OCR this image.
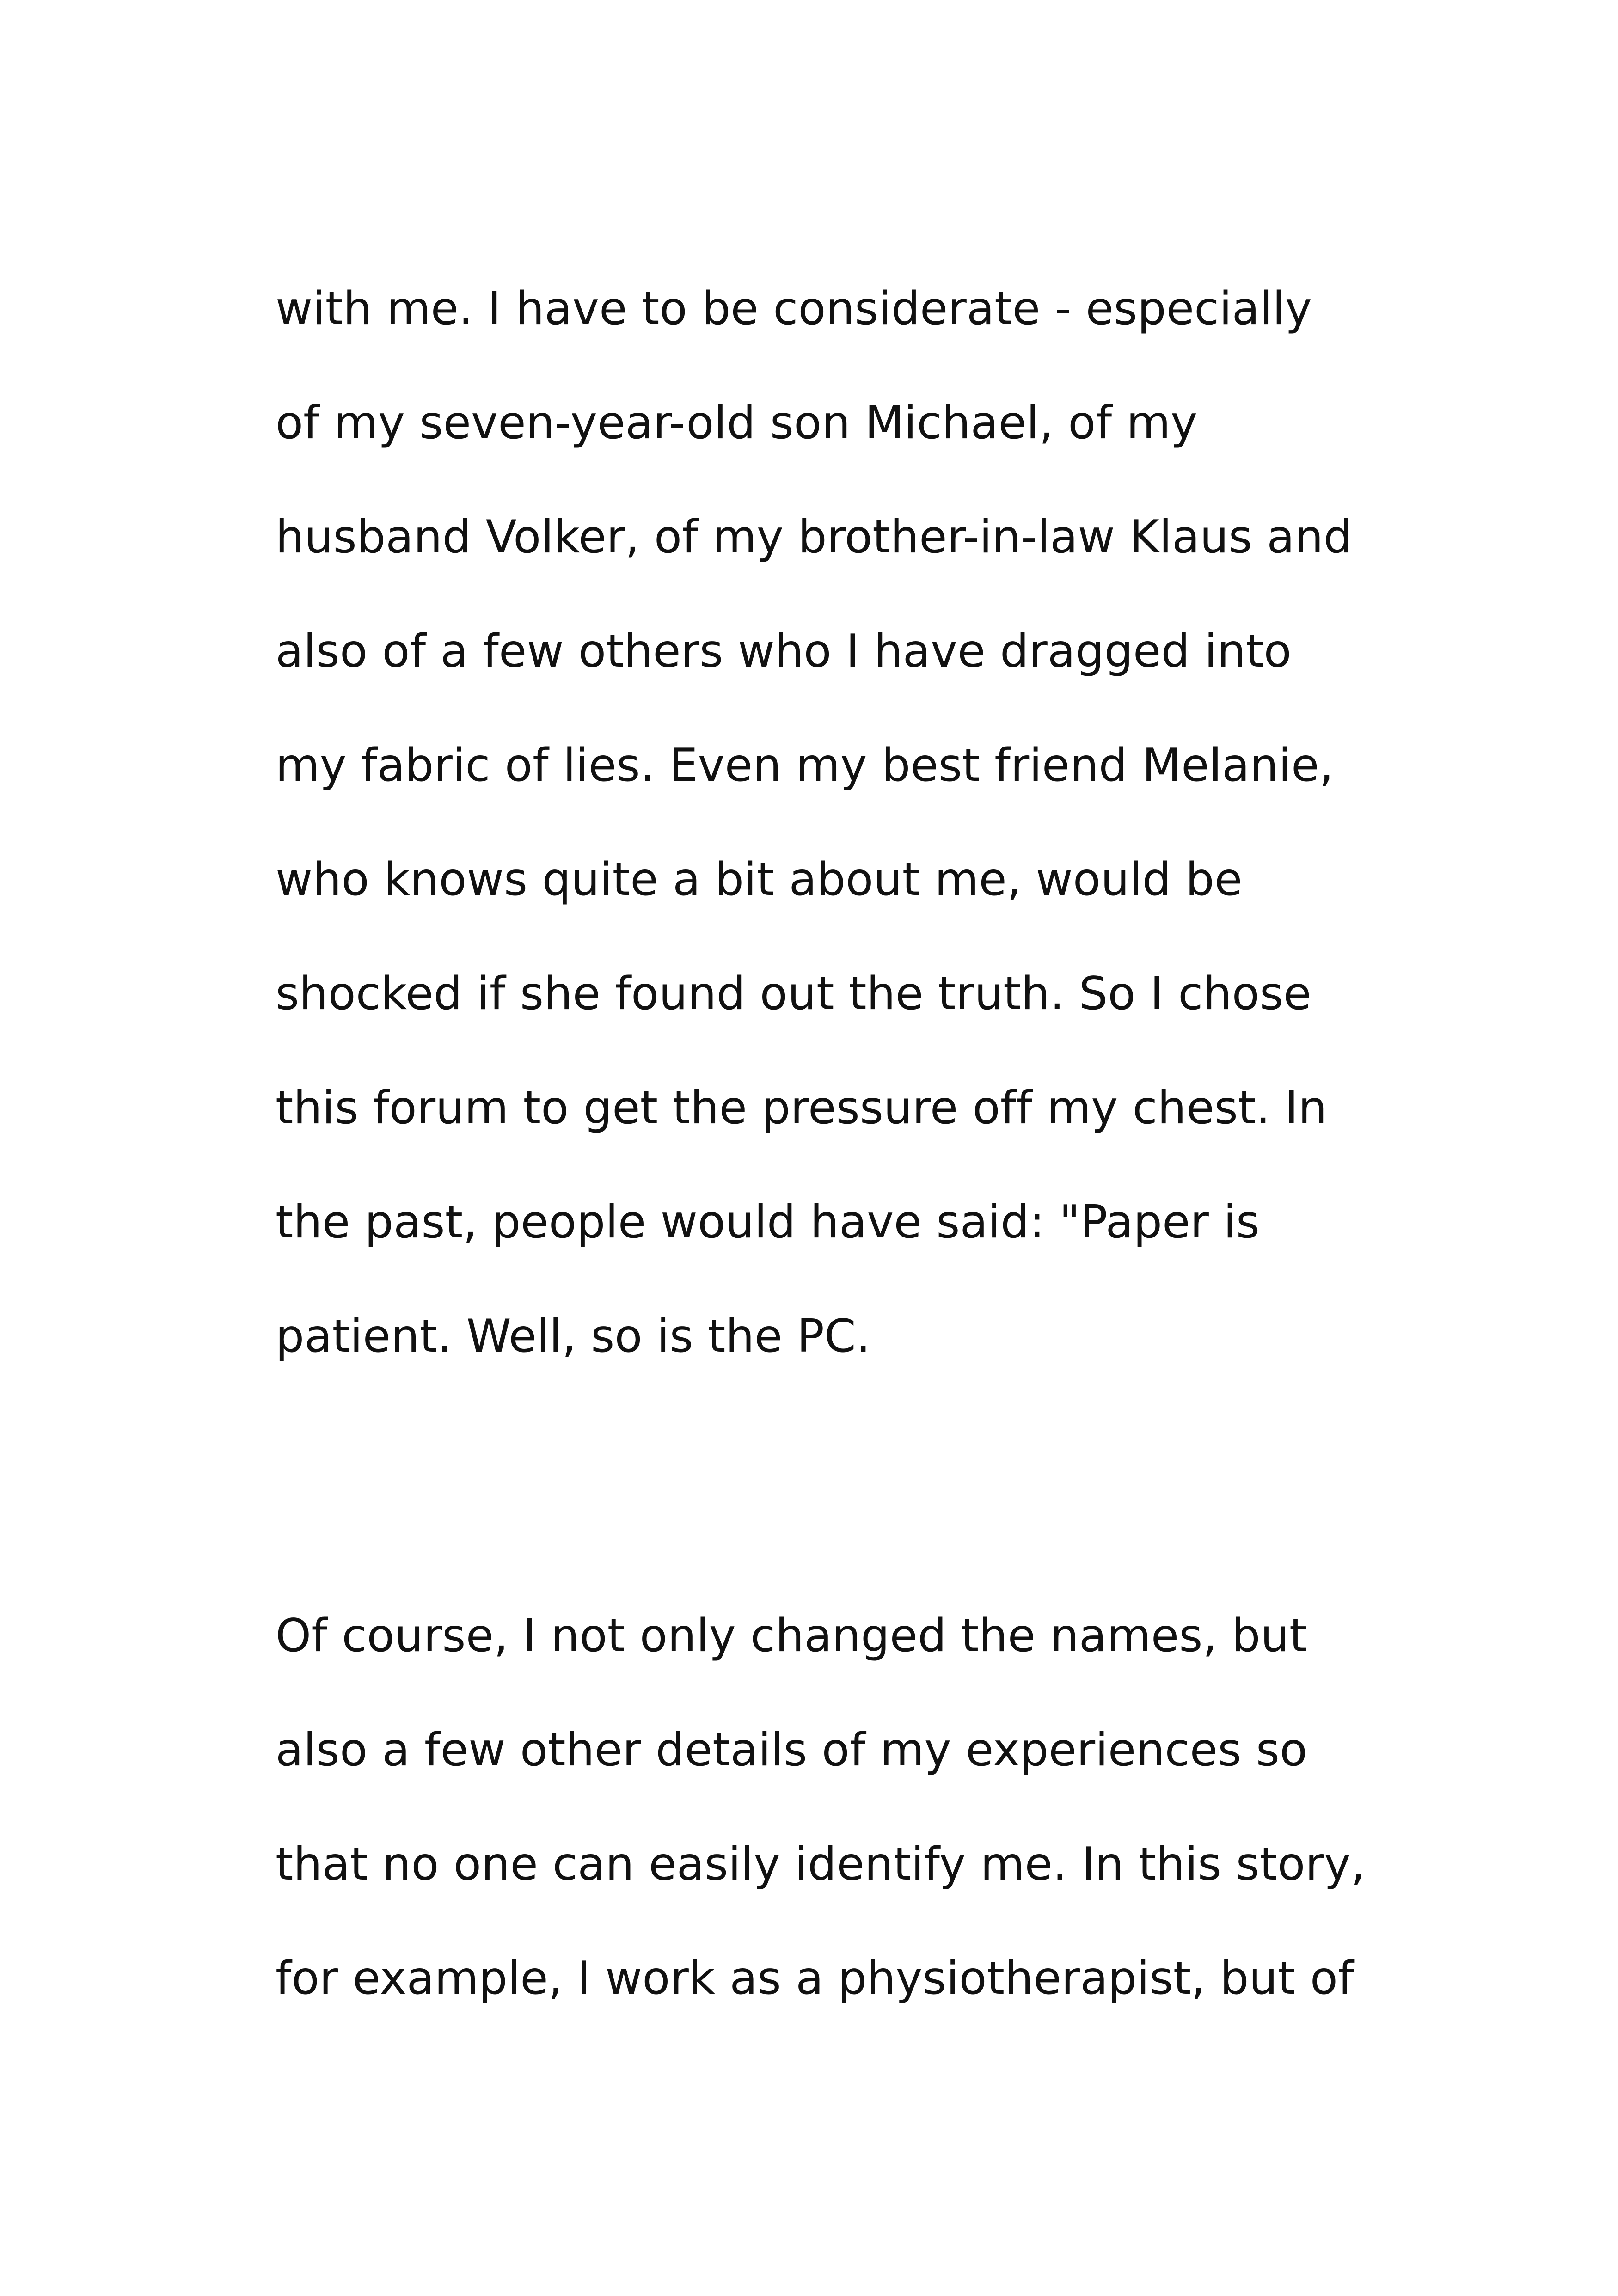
with me. I have to be considerate - especially
of my seven-year-old son Michael, of my
husband Volker, of my brother-in-law Klaus and
also of a few others who I have dragged into
my fabric of lies. Even my best friend Melanie,
who knows quite a bit about me, would be
shocked if she found out the truth. So I chose
this forum to get the pressure off my chest. In
the past, people would have said: "Paper is
patient. Well, so is the PC.
Of course, I not only changed the names, but
also a few other details of my experiences so
that no one can easily identify me. In this story,
for example, I work as a physiotherapist, but of
